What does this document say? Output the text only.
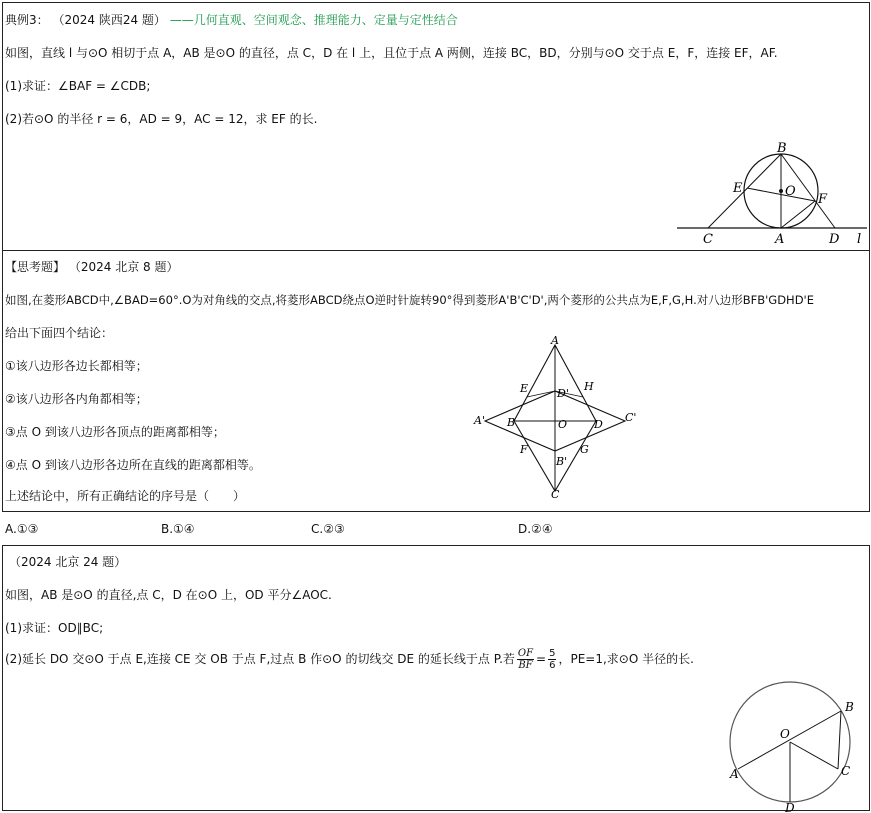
典例3： （2024 陕西24 题） ——几何直观、空间观念、推理能力、定量与定性结合
如图，直线 l 与⊙O 相切于点 A，AB 是⊙O 的直径，点 C，D 在 l 上，且位于点 A 两侧，连接 BC，BD，分别与⊙O 交于点 E，F，连接 EF，AF.
(1)求证：∠BAF = ∠CDB;
(2)若⊙O 的半径 r = 6，AD = 9，AC = 12，求 EF 的长.
B
E	O
F
C	A	D l
【思考题】 （2024 北京 8 题）
如图,在菱形ABCD中,∠BAD=60°.O为对角线的交点,将菱形ABCD绕点O逆时针旋转90°得到菱形A'B'C'D',两个菱形的公共点为E,F,G,H.对八边形BFB'GDHD'E
给出下面四个结论：
①该八边形各边长都相等；
②该八边形各内角都相等；
③点 O 到该八边形各顶点的距离都相等；
④点 O 到该八边形各边所在直线的距离都相等。
上述结论中，所有正确结论的序号是（　　）
A.①③	B.①④	C.②③	D.②④
A
E	H
D'
A' B	O D
C'
F	G
B'
C
（2024 北京 24 题）
如图，AB 是⊙O 的直径,点 C，D 在⊙O 上，OD 平分∠AOC.
(1)求证：OD∥BC;
(2)延长 DO 交⊙O 于点 E,连接 CE 交 OB 于点 F,过点 B 作⊙O 的切线交 DE 的延长线于点 P.若 $\frac{OF}{BF} = \frac{5}{6}$ ，PE=1,求⊙O 半径的长.
B
O
A	C
D
